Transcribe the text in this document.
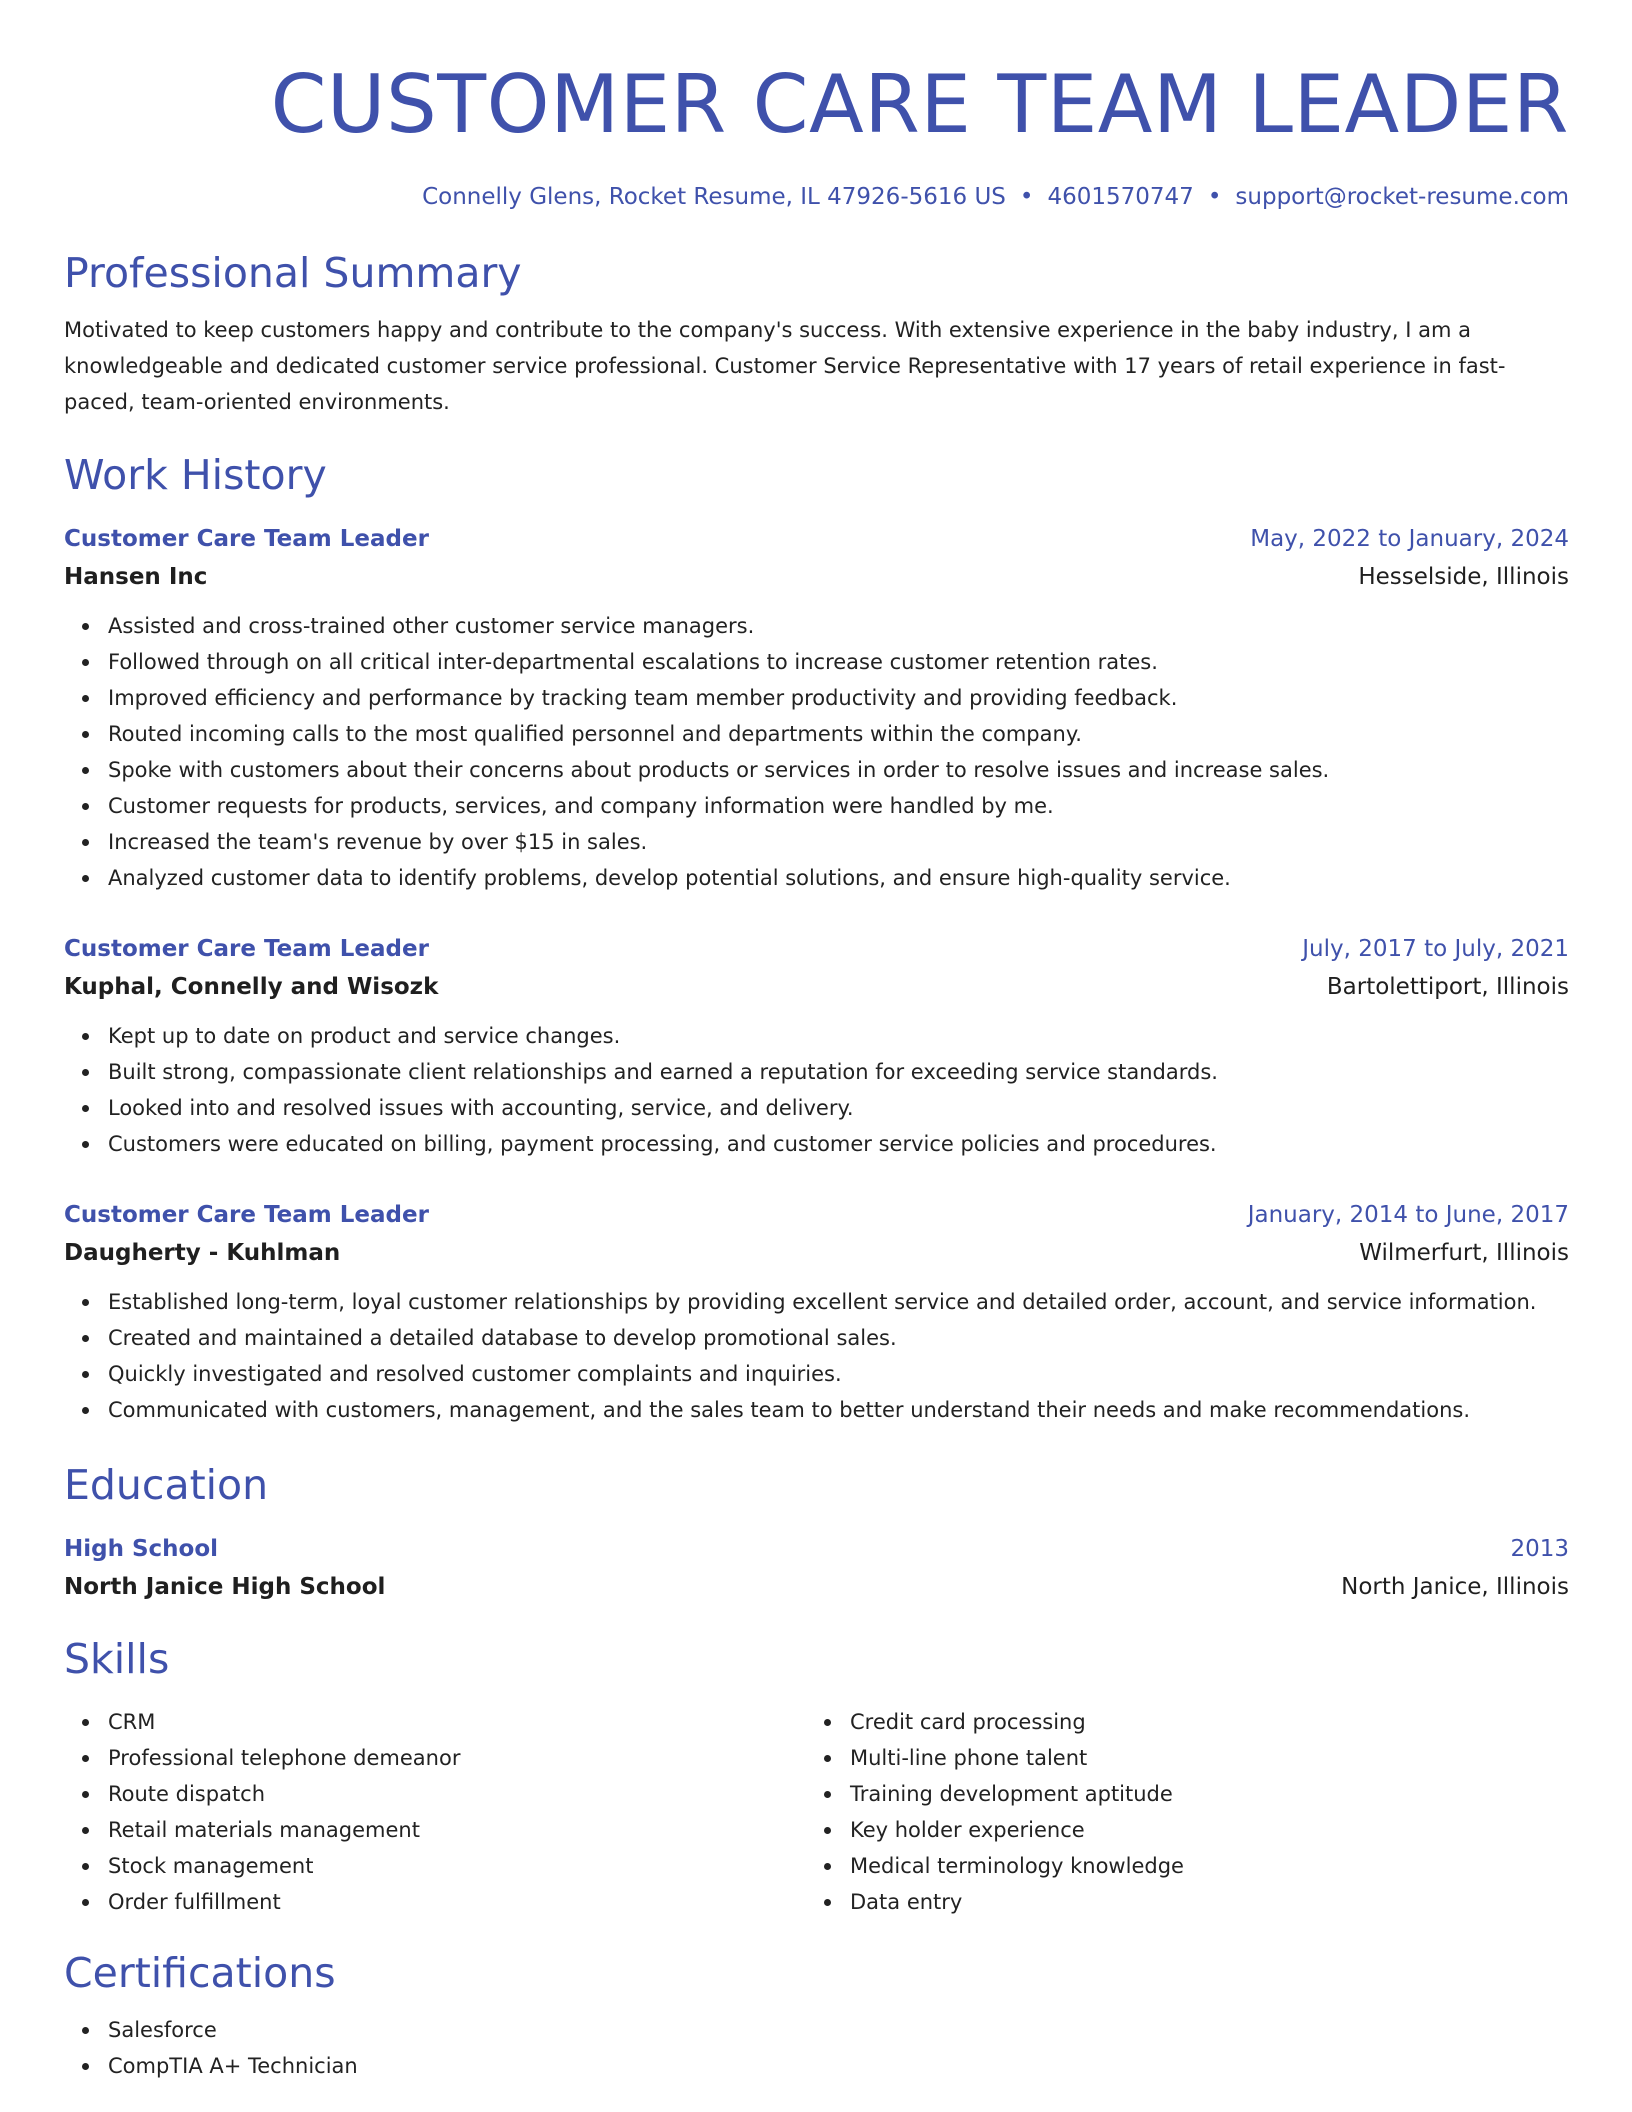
CUSTOMER CARE TEAM LEADER
Connelly Glens, Rocket Resume, IL 47926-5616 US • 4601570747 • support@rocket-resume.com
Professional Summary
Motivated to keep customers happy and contribute to the company's success. With extensive experience in the baby industry, I am a knowledgeable and dedicated customer service professional. Customer Service Representative with 17 years of retail experience in fast-paced, team-oriented environments.
Work History
Customer Care Team Leader	May, 2022 to January, 2024
Hansen Inc	Hesselside, Illinois
Assisted and cross-trained other customer service managers.
Followed through on all critical inter-departmental escalations to increase customer retention rates.
Improved efficiency and performance by tracking team member productivity and providing feedback.
Routed incoming calls to the most qualified personnel and departments within the company.
Spoke with customers about their concerns about products or services in order to resolve issues and increase sales.
Customer requests for products, services, and company information were handled by me.
Increased the team's revenue by over $15 in sales.
Analyzed customer data to identify problems, develop potential solutions, and ensure high-quality service.
Customer Care Team Leader	July, 2017 to July, 2021
Kuphal, Connelly and Wisozk	Bartolettiport, Illinois
Kept up to date on product and service changes.
Built strong, compassionate client relationships and earned a reputation for exceeding service standards.
Looked into and resolved issues with accounting, service, and delivery.
Customers were educated on billing, payment processing, and customer service policies and procedures.
Customer Care Team Leader	January, 2014 to June, 2017
Daugherty - Kuhlman	Wilmerfurt, Illinois
Established long-term, loyal customer relationships by providing excellent service and detailed order, account, and service information.
Created and maintained a detailed database to develop promotional sales.
Quickly investigated and resolved customer complaints and inquiries.
Communicated with customers, management, and the sales team to better understand their needs and make recommendations.
Education
High School	2013
North Janice High School	North Janice, Illinois
Skills
CRM
Professional telephone demeanor
Route dispatch
Retail materials management
Stock management
Order fulfillment
Credit card processing
Multi-line phone talent
Training development aptitude
Key holder experience
Medical terminology knowledge
Data entry
Certifications
Salesforce
CompTIA A+ Technician
